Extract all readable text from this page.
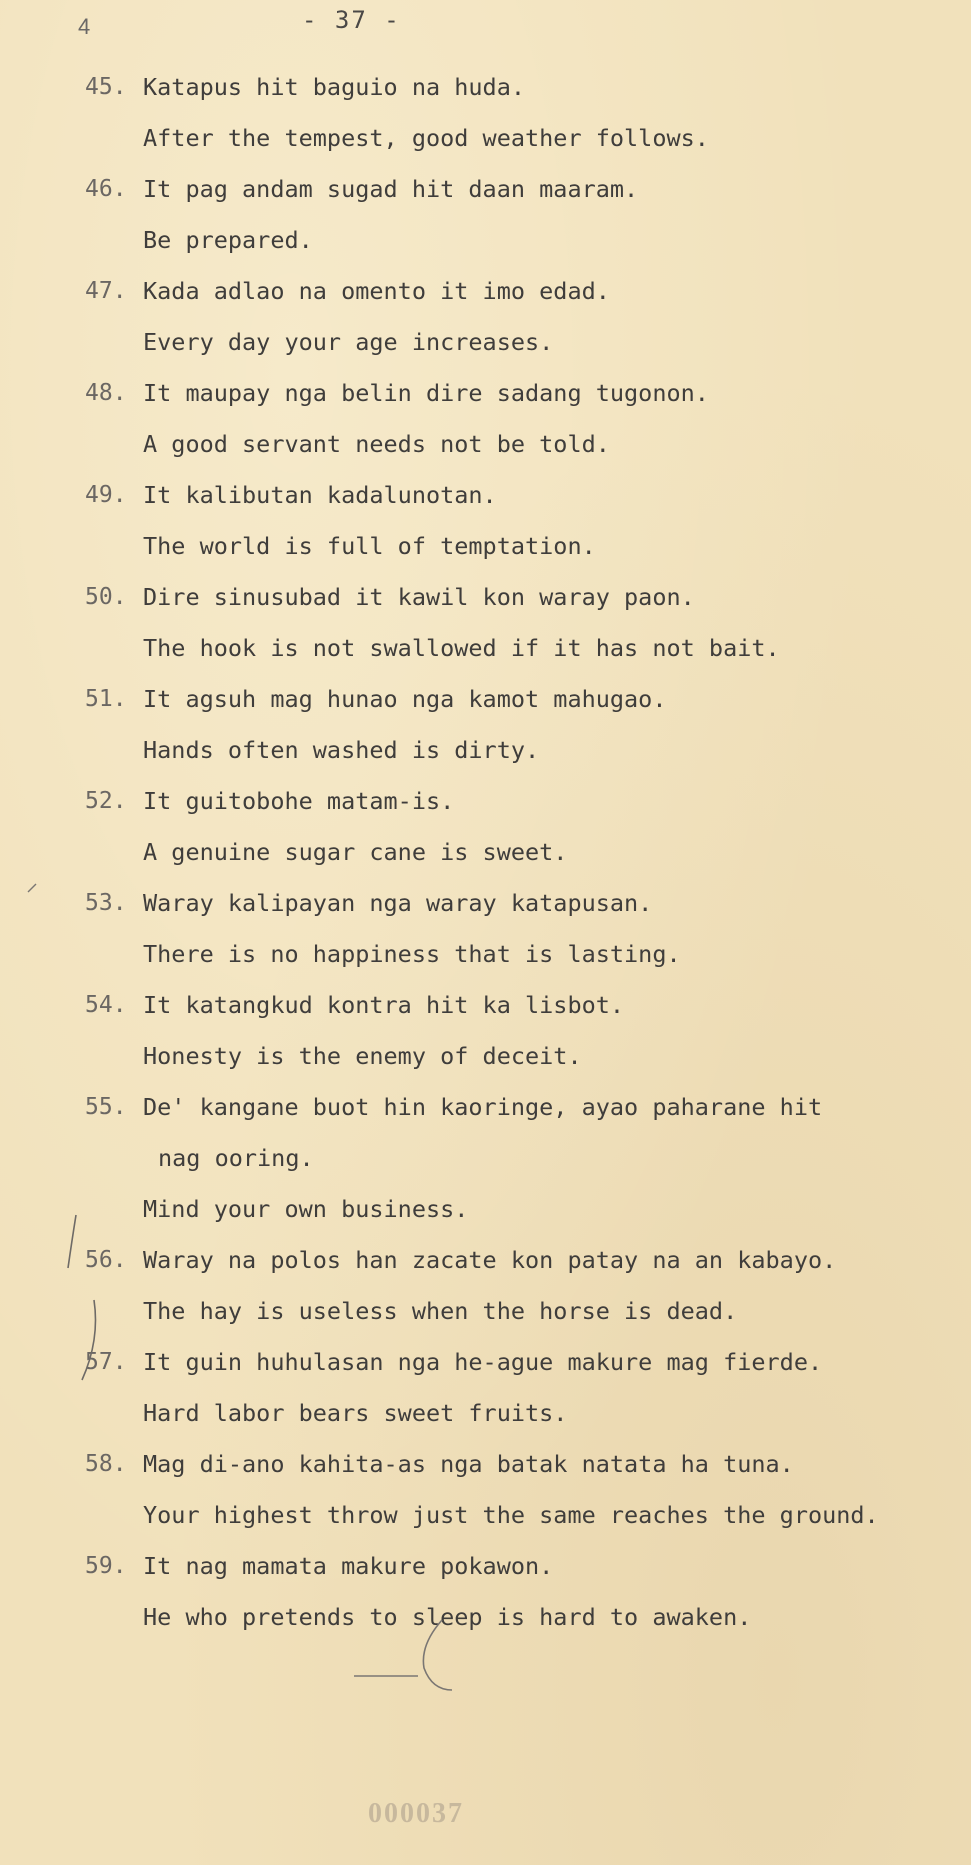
4	- 37 -
45. Katapus hit baguio na huda.
After the tempest, good weather follows.
46. It pag andam sugad hit daan maaram.
Be prepared.
47. Kada adlao na omento it imo edad.
Every day your age increases.
48. It maupay nga belin dire sadang tugonon.
A good servant needs not be told.
49. It kalibutan kadalunotan.
The world is full of temptation.
50. Dire sinusubad it kawil kon waray paon.
The hook is not swallowed if it has not bait.
51. It agsuh mag hunao nga kamot mahugao.
Hands often washed is dirty.
52. It guitobohe matam-is.
A genuine sugar cane is sweet.
53. Waray kalipayan nga waray katapusan.
There is no happiness that is lasting.
54. It katangkud kontra hit ka lisbot.
Honesty is the enemy of deceit.
55. De' kangane buot hin kaoringe, ayao paharane hit
nag ooring.
Mind your own business.
56. Waray na polos han zacate kon patay na an kabayo.
The hay is useless when the horse is dead.
57. It guin huhulasan nga he-ague makure mag fierde.
Hard labor bears sweet fruits.
58. Mag di-ano kahita-as nga batak natata ha tuna.
Your highest throw just the same reaches the ground.
59. It nag mamata makure pokawon.
He who pretends to sleep is hard to awaken.
000037
